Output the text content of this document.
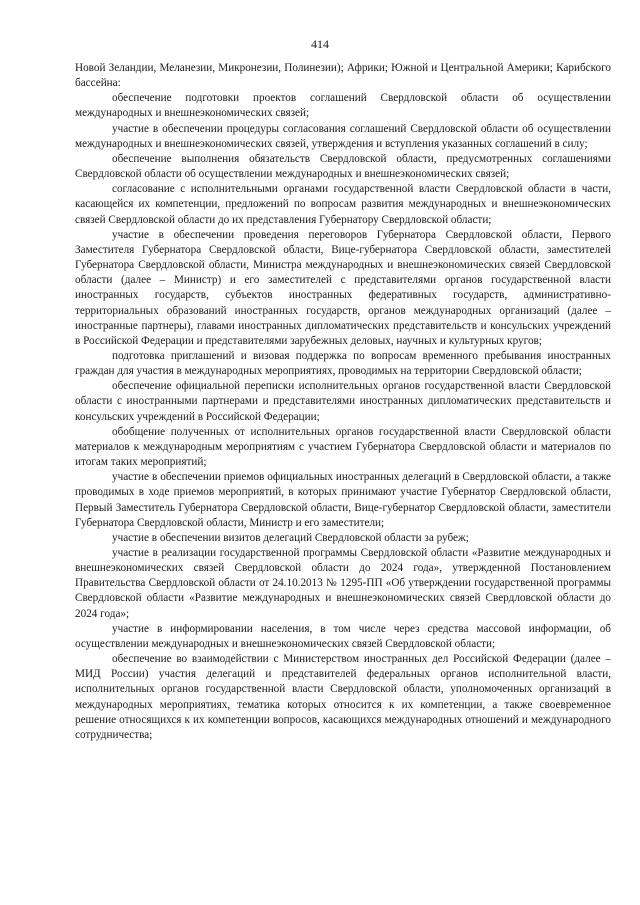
414

Новой Зеландии, Меланезии, Микронезии, Полинезии); Африки; Южной и Центральной Америки; Карибского бассейна:

обеспечение подготовки проектов соглашений Свердловской области об осуществлении международных и внешнеэкономических связей;

участие в обеспечении процедуры согласования соглашений Свердловской области об осуществлении международных и внешнеэкономических связей, утверждения и вступления указанных соглашений в силу;

обеспечение выполнения обязательств Свердловской области, предусмотренных соглашениями Свердловской области об осуществлении международных и внешнеэкономических связей;

согласование с исполнительными органами государственной власти Свердловской области в части, касающейся их компетенции, предложений по вопросам развития международных и внешнеэкономических связей Свердловской области до их представления Губернатору Свердловской области;

участие в обеспечении проведения переговоров Губернатора Свердловской области, Первого Заместителя Губернатора Свердловской области, Вице-губернатора Свердловской области, заместителей Губернатора Свердловской области, Министра международных и внешнеэкономических связей Свердловской области (далее – Министр) и его заместителей с представителями органов государственной власти иностранных государств, субъектов иностранных федеративных государств, административно-территориальных образований иностранных государств, органов международных организаций (далее – иностранные партнеры), главами иностранных дипломатических представительств и консульских учреждений в Российской Федерации и представителями зарубежных деловых, научных и культурных кругов;

подготовка приглашений и визовая поддержка по вопросам временного пребывания иностранных граждан для участия в международных мероприятиях, проводимых на территории Свердловской области;

обеспечение официальной переписки исполнительных органов государственной власти Свердловской области с иностранными партнерами и представителями иностранных дипломатических представительств и консульских учреждений в Российской Федерации;

обобщение полученных от исполнительных органов государственной власти Свердловской области материалов к международным мероприятиям с участием Губернатора Свердловской области и материалов по итогам таких мероприятий;

участие в обеспечении приемов официальных иностранных делегаций в Свердловской области, а также проводимых в ходе приемов мероприятий, в которых принимают участие Губернатор Свердловской области, Первый Заместитель Губернатора Свердловской области, Вице-губернатор Свердловской области, заместители Губернатора Свердловской области, Министр и его заместители;

участие в обеспечении визитов делегаций Свердловской области за рубеж;

участие в реализации государственной программы Свердловской области «Развитие международных и внешнеэкономических связей Свердловской области до 2024 года», утвержденной Постановлением Правительства Свердловской области от 24.10.2013 № 1295-ПП «Об утверждении государственной программы Свердловской области «Развитие международных и внешнеэкономических связей Свердловской области до 2024 года»;

участие в информировании населения, в том числе через средства массовой информации, об осуществлении международных и внешнеэкономических связей Свердловской области;

обеспечение во взаимодействии с Министерством иностранных дел Российской Федерации (далее – МИД России) участия делегаций и представителей федеральных органов исполнительной власти, исполнительных органов государственной власти Свердловской области, уполномоченных организаций в международных мероприятиях, тематика которых относится к их компетенции, а также своевременное решение относящихся к их компетенции вопросов, касающихся международных отношений и международного сотрудничества;
